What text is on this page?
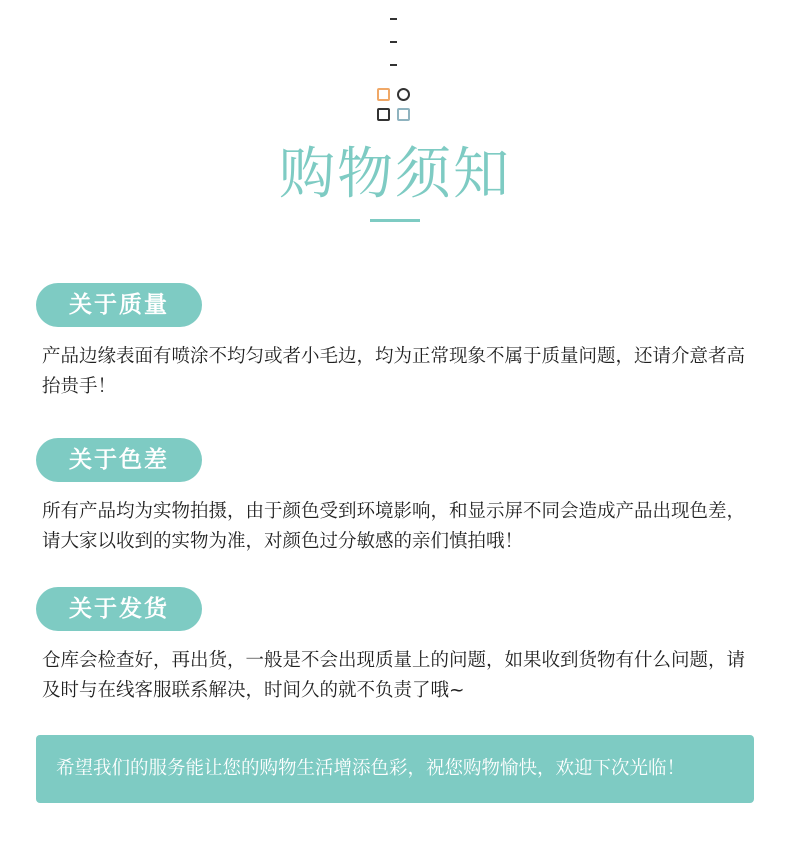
购物须知
关于质量
产品边缘表面有喷涂不均匀或者小毛边，均为正常现象不属于质量问题，还请介意者高抬贵手！
关于色差
所有产品均为实物拍摄，由于颜色受到环境影响，和显示屏不同会造成产品出现色差，请大家以收到的实物为准，对颜色过分敏感的亲们慎拍哦！
关于发货
仓库会检查好，再出货，一般是不会出现质量上的问题，如果收到货物有什么问题，请及时与在线客服联系解决，时间久的就不负责了哦~
希望我们的服务能让您的购物生活增添色彩，祝您购物愉快，欢迎下次光临！
